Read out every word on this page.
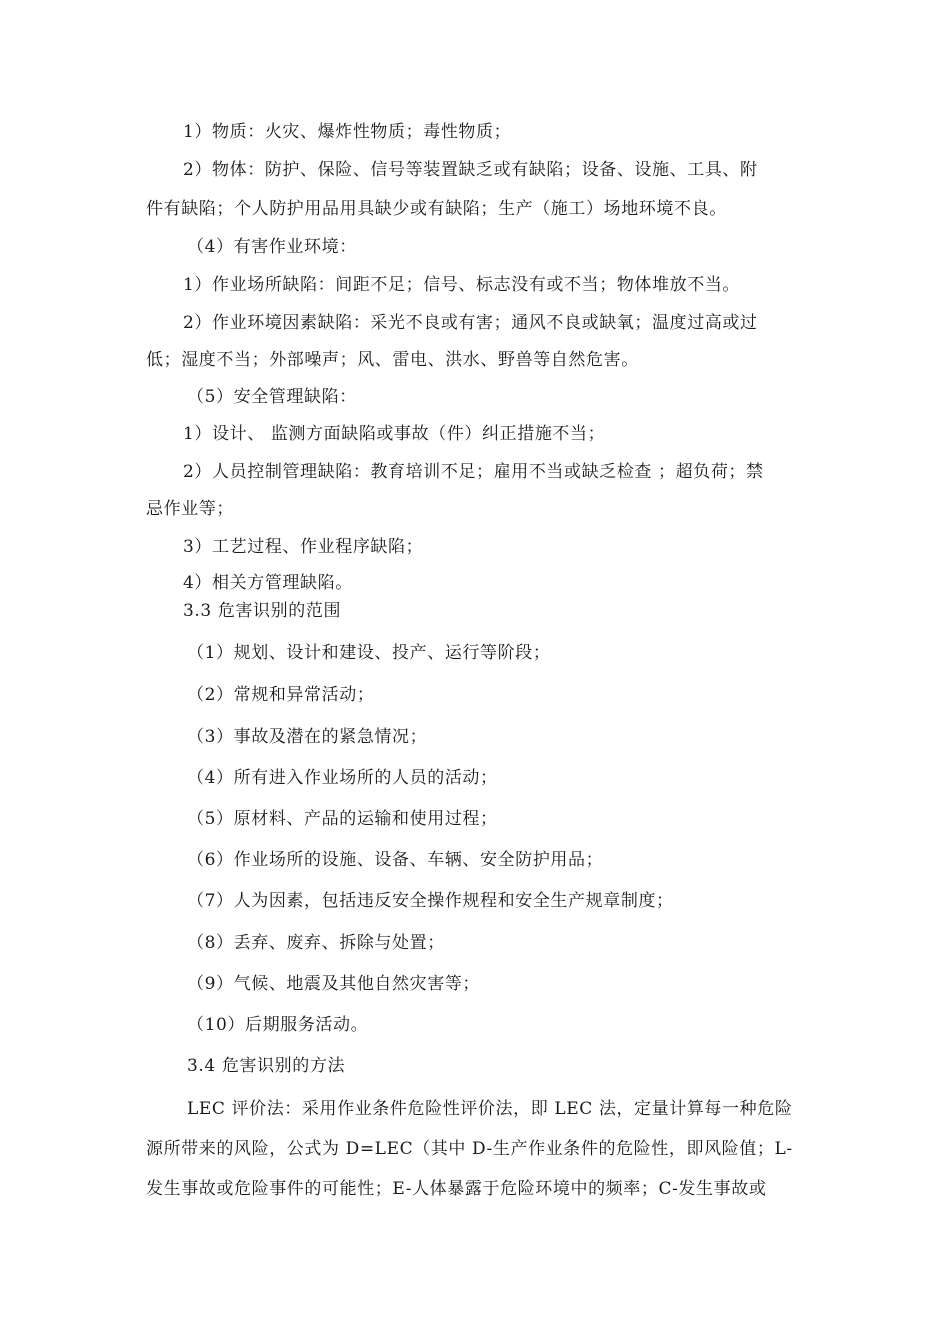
1）物质：火灾、爆炸性物质；毒性物质；
2）物体：防护、保险、信号等装置缺乏或有缺陷；设备、设施、工具、附
件有缺陷；个人防护用品用具缺少或有缺陷；生产（施工）场地环境不良。
（4）有害作业环境：
1）作业场所缺陷：间距不足；信号、标志没有或不当；物体堆放不当。
2）作业环境因素缺陷：采光不良或有害；通风不良或缺氧；温度过高或过
低；湿度不当；外部噪声；风、雷电、洪水、野兽等自然危害。
（5）安全管理缺陷：
1）设计、 监测方面缺陷或事故（件）纠正措施不当；
2）人员控制管理缺陷：教育培训不足；雇用不当或缺乏检查 ；超负荷；禁
忌作业等；
3）工艺过程、作业程序缺陷；
4）相关方管理缺陷。
3.3 危害识别的范围
（1）规划、设计和建设、投产、运行等阶段；
（2）常规和异常活动；
（3）事故及潜在的紧急情况；
（4）所有进入作业场所的人员的活动；
（5）原材料、产品的运输和使用过程；
（6）作业场所的设施、设备、车辆、安全防护用品；
（7）人为因素，包括违反安全操作规程和安全生产规章制度；
（8）丢弃、废弃、拆除与处置；
（9）气候、地震及其他自然灾害等；
（10）后期服务活动。
3.4 危害识别的方法
LEC 评价法：采用作业条件危险性评价法，即 LEC 法，定量计算每一种危险
源所带来的风险，公式为 D=LEC（其中 D-生产作业条件的危险性，即风险值；L-
发生事故或危险事件的可能性；E-人体暴露于危险环境中的频率；C-发生事故或
